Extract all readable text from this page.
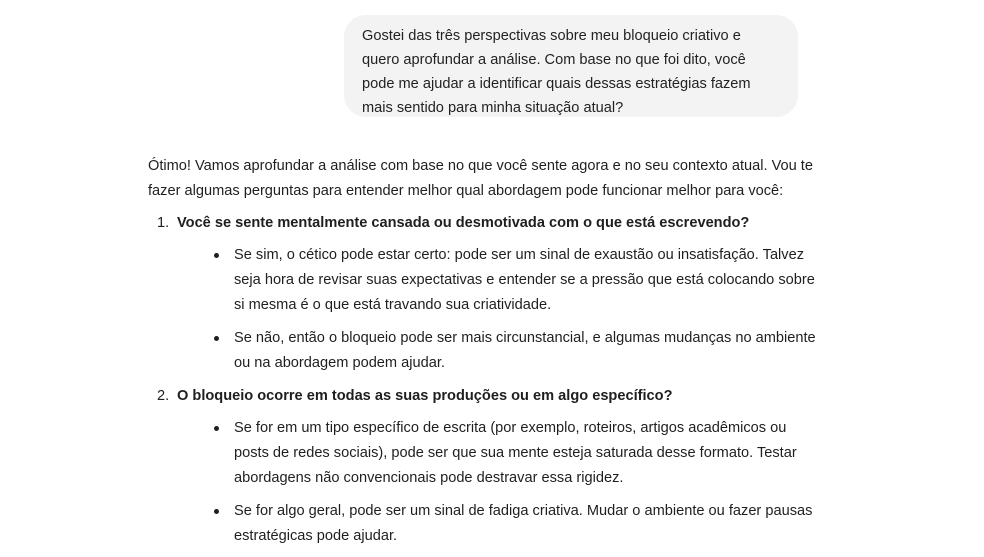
Gostei das três perspectivas sobre meu bloqueio criativo e quero aprofundar a análise. Com base no que foi dito, você pode me ajudar a identificar quais dessas estratégias fazem mais sentido para minha situação atual?

Ótimo! Vamos aprofundar a análise com base no que você sente agora e no seu contexto atual. Vou te fazer algumas perguntas para entender melhor qual abordagem pode funcionar melhor para você:

1. Você se sente mentalmente cansada ou desmotivada com o que está escrevendo?
Se sim, o cético pode estar certo: pode ser um sinal de exaustão ou insatisfação. Talvez seja hora de revisar suas expectativas e entender se a pressão que está colocando sobre si mesma é o que está travando sua criatividade.
Se não, então o bloqueio pode ser mais circunstancial, e algumas mudanças no ambiente ou na abordagem podem ajudar.
2. O bloqueio ocorre em todas as suas produções ou em algo específico?
Se for em um tipo específico de escrita (por exemplo, roteiros, artigos acadêmicos ou posts de redes sociais), pode ser que sua mente esteja saturada desse formato. Testar abordagens não convencionais pode destravar essa rigidez.
Se for algo geral, pode ser um sinal de fadiga criativa. Mudar o ambiente ou fazer pausas estratégicas pode ajudar.
